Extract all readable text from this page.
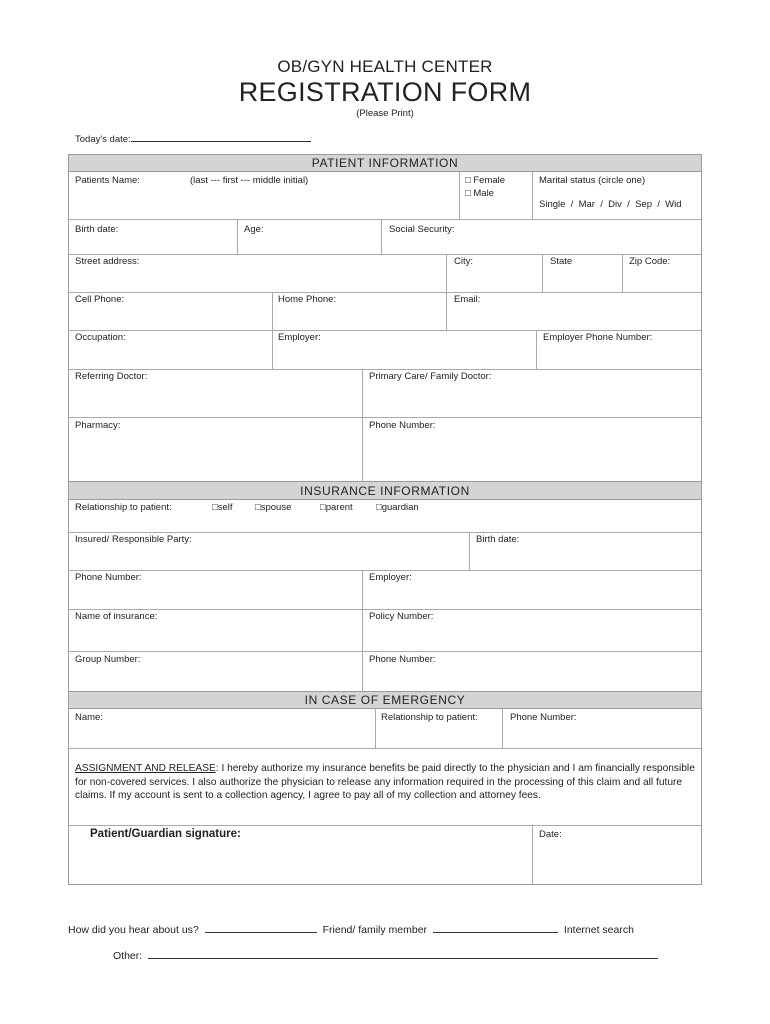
OB/GYN HEALTH CENTER
REGISTRATION FORM
(Please Print)
Today's date:
PATIENT INFORMATION
INSURANCE INFORMATION
IN CASE OF EMERGENCY
Patients Name:	(last --- first --- middle initial)	□ Female
□ Male
Marital status (circle one)
Single  /  Mar  /  Div  /  Sep  /  Wid
Birth date:	Age:	Social Security:
Street address:	City:	State	Zip Code:
Cell Phone:	Home Phone:	Email:
Occupation:	Employer:	Employer Phone Number:
Referring Doctor:	Primary Care/ Family Doctor:
Pharmacy:	Phone Number:
Relationship to patient:	□self □spouse	□parent □guardian
Insured/ Responsible Party:	Birth date:
Phone Number:	Employer:
Name of insurance:	Policy Number:
Group Number:	Phone Number:
Name:	Relationship to patient:	Phone Number:
ASSIGNMENT AND RELEASE: I hereby authorize my insurance benefits be paid directly to the physician and I am financially responsible for non-covered services. I also authorize the physician to release any information required in the processing of this claim and all future claims. If my account is sent to a collection agency, I agree to pay all of my collection and attorney fees.
Patient/Guardian signature:	Date:
How did you hear about us?	Friend/ family member	Internet search
Other:
